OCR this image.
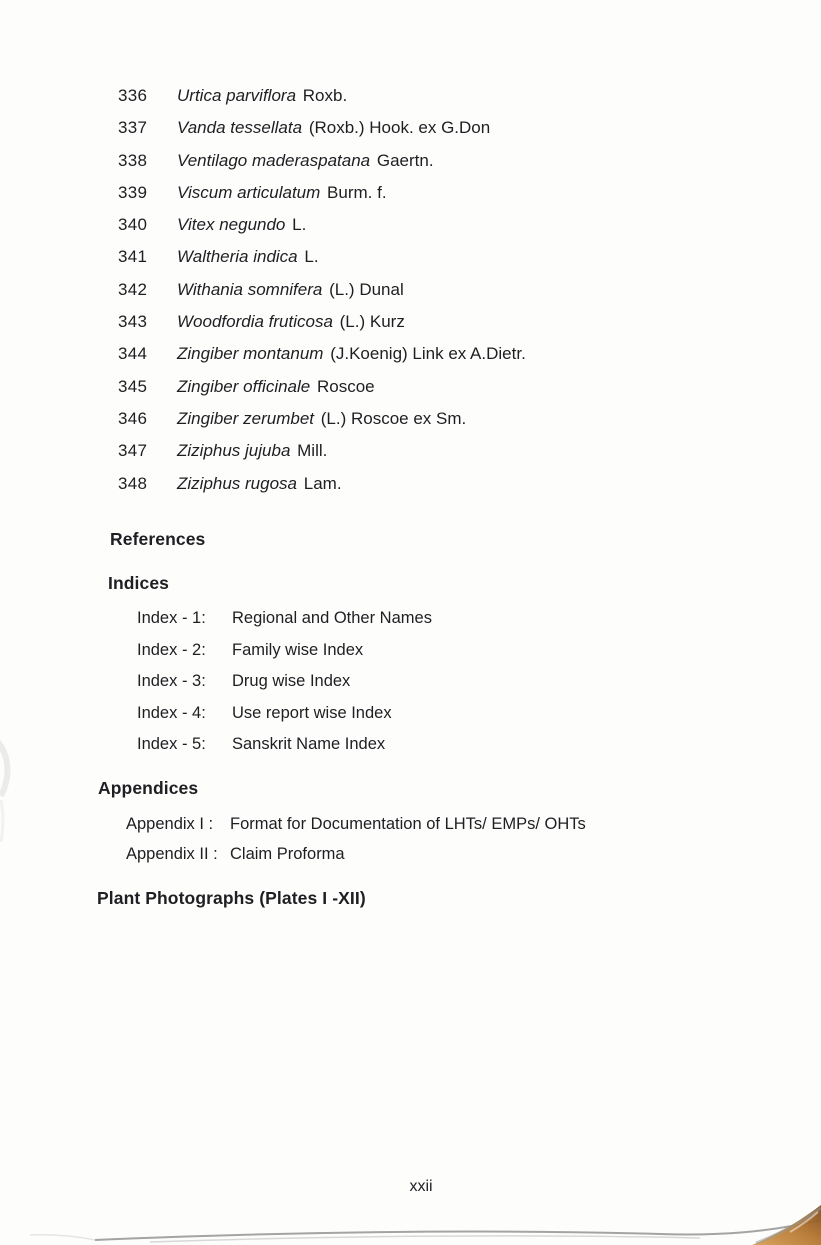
336	Urtica parviflora Roxb.
337	Vanda tessellata (Roxb.) Hook. ex G.Don
338	Ventilago maderaspatana Gaertn.
339	Viscum articulatum Burm. f.
340	Vitex negundo L.
341	Waltheria indica L.
342	Withania somnifera (L.) Dunal
343	Woodfordia fruticosa (L.) Kurz
344	Zingiber montanum (J.Koenig) Link ex A.Dietr.
345	Zingiber officinale Roscoe
346	Zingiber zerumbet (L.) Roscoe ex Sm.
347	Ziziphus jujuba Mill.
348	Ziziphus rugosa Lam.
References
Indices
Index - 1:	Regional and Other Names
Index - 2:	Family wise Index
Index - 3:	Drug wise Index
Index - 4:	Use report wise Index
Index - 5:	Sanskrit Name Index
Appendices
Appendix I :	Format for Documentation of LHTs/ EMPs/ OHTs
Appendix II : Claim Proforma
Plant Photographs (Plates I -XII)
xxii
